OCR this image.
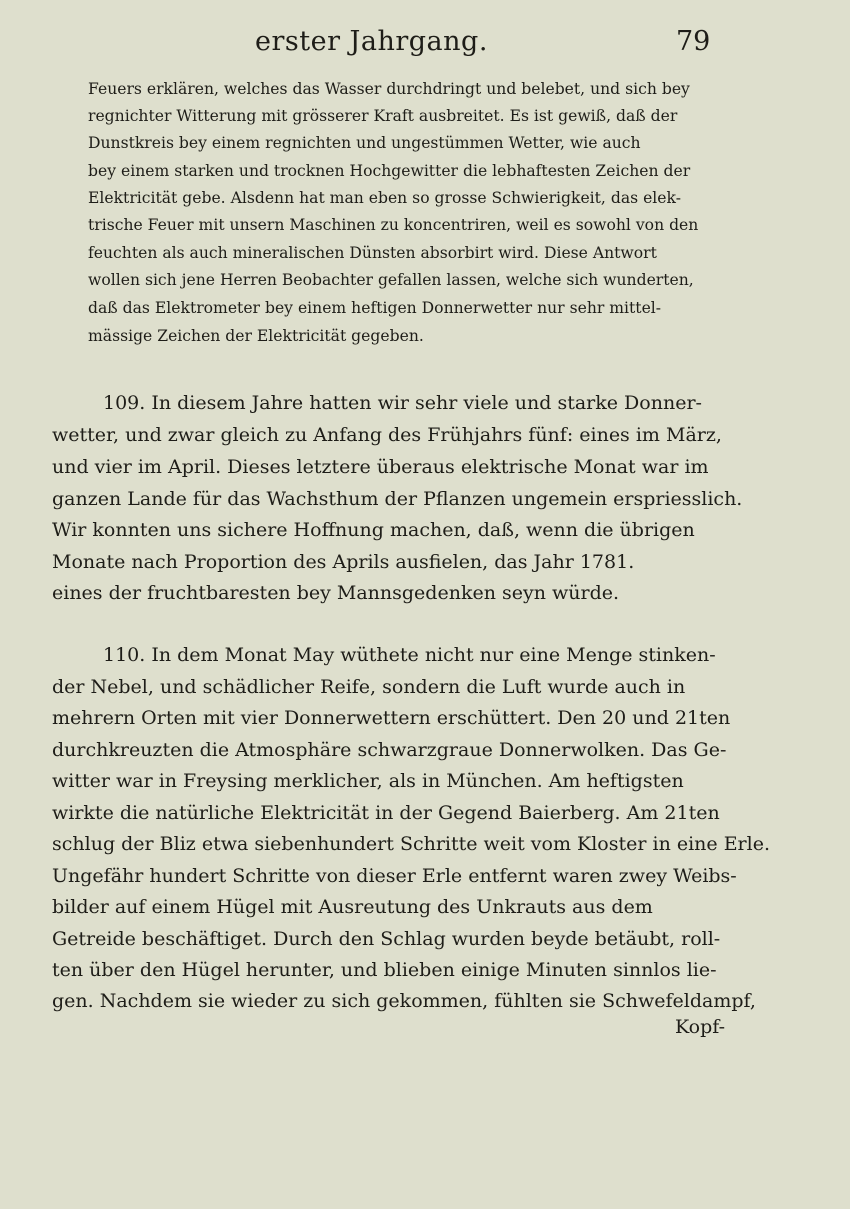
erster Jahrgang.	79

Feuers erklären, welches das Wasser durchdringt und belebet, und sich bey

regnichter Witterung mit grösserer Kraft ausbreitet. Es ist gewiß, daß der

Dunstkreis bey einem regnichten und ungestümmen Wetter, wie auch

bey einem starken und trocknen Hochgewitter die lebhaftesten Zeichen der

Elektricität gebe. Alsdenn hat man eben so grosse Schwierigkeit, das elek-

trische Feuer mit unsern Maschinen zu koncentriren, weil es sowohl von den

feuchten als auch mineralischen Dünsten absorbirt wird. Diese Antwort

wollen sich jene Herren Beobachter gefallen lassen, welche sich wunderten,

daß das Elektrometer bey einem heftigen Donnerwetter nur sehr mittel-

mässige Zeichen der Elektricität gegeben.

109. In diesem Jahre hatten wir sehr viele und starke Donner-

wetter, und zwar gleich zu Anfang des Frühjahrs fünf: eines im März,

und vier im April. Dieses letztere überaus elektrische Monat war im

ganzen Lande für das Wachsthum der Pflanzen ungemein erspriesslich.

Wir konnten uns sichere Hoffnung machen, daß, wenn die übrigen

Monate nach Proportion des Aprils ausfielen, das Jahr 1781.

eines der fruchtbaresten bey Mannsgedenken seyn würde.

110. In dem Monat May wüthete nicht nur eine Menge stinken-

der Nebel, und schädlicher Reife, sondern die Luft wurde auch in

mehrern Orten mit vier Donnerwettern erschüttert. Den 20 und 21ten

durchkreuzten die Atmosphäre schwarzgraue Donnerwolken. Das Ge-

witter war in Freysing merklicher, als in München. Am heftigsten

wirkte die natürliche Elektricität in der Gegend Baierberg. Am 21ten

schlug der Bliz etwa siebenhundert Schritte weit vom Kloster in eine Erle.

Ungefähr hundert Schritte von dieser Erle entfernt waren zwey Weibs-

bilder auf einem Hügel mit Ausreutung des Unkrauts aus dem

Getreide beschäftiget. Durch den Schlag wurden beyde betäubt, roll-

ten über den Hügel herunter, und blieben einige Minuten sinnlos lie-

gen. Nachdem sie wieder zu sich gekommen, fühlten sie Schwefeldampf,

Kopf-
